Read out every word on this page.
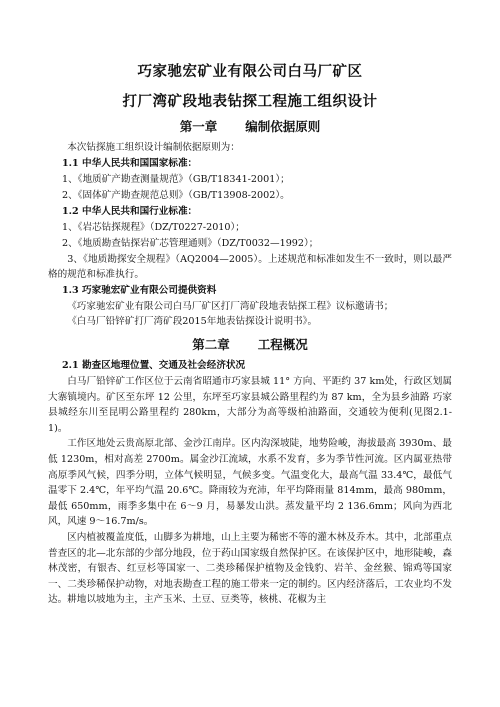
巧家驰宏矿业有限公司白马厂矿区
打厂湾矿段地表钻探工程施工组织设计
第一章 编制依据原则
本次钻探施工组织设计编制依据原则为：
1.1 中华人民共和国国家标准：
1、《地质矿产勘查测量规范》（GB/T18341-2001）；
2、《固体矿产勘查规范总则》（GB/T13908-2002）。
1.2 中华人民共和国行业标准：
1、《岩芯钻探规程》（DZ/T0227-2010）；
2、《地质勘查钻探岩矿芯管理通则》（DZ/T0032—1992）；
3、《地质勘探安全规程》（AQ2004—2005）。上述规范和标准如发生不一致时，则以最严格的规范和标准执行。
1.3 巧家驰宏矿业有限公司提供资料
《巧家驰宏矿业有限公司白马厂矿区打厂湾矿段地表钻探工程》议标邀请书；
《白马厂铅锌矿打厂湾矿段2015年地表钻探设计说明书》。
第二章 工程概况
2.1 勘查区地理位置、交通及社会经济状况
白马厂铅锌矿工作区位于云南省昭通市巧家县城 11° 方向、平距约 37 km处，行政区划属大寨镇境内。矿区至东坪 12 公里，东坪至巧家县城公路里程约为 87 km，全为县乡油路 巧家县城经东川至昆明公路里程约 280km，大部分为高等级柏油路面，交通较为便利(见图2.1-1)。
工作区地处云贵高原北部、金沙江南岸。区内沟深坡陡，地势险峻，海拔最高 3930m、最低 1230m，相对高差 2700m。属金沙江流域，水系不发育，多为季节性河流。区内属亚热带高原季风气候，四季分明，立体气候明显，气候多变。气温变化大，最高气温 33.4℃，最低气温零下 2.4℃，年平均气温 20.6℃。降雨较为充沛，年平均降雨量 814mm，最高 980mm，最低 650mm，雨季多集中在 6～9 月，易暴发山洪。蒸发量平均 2 136.6mm；风向为西北风，风速 9～16.7m/s。
区内植被覆盖度低，山脚多为耕地，山上主要为稀密不等的灌木林及乔木。其中，北部重点普查区的北—北东部的少部分地段，位于药山国家级自然保护区。在该保护区中，地形陡峻，森林茂密，有银杏、红豆杉等国家一、二类珍稀保护植物及金钱豹、岩羊、金丝猴、锦鸡等国家一、二类珍稀保护动物，对地表勘查工程的施工带来一定的制约。区内经济落后，工农业均不发达。耕地以坡地为主，主产玉米、土豆、豆类等，核桃、花椒为主
